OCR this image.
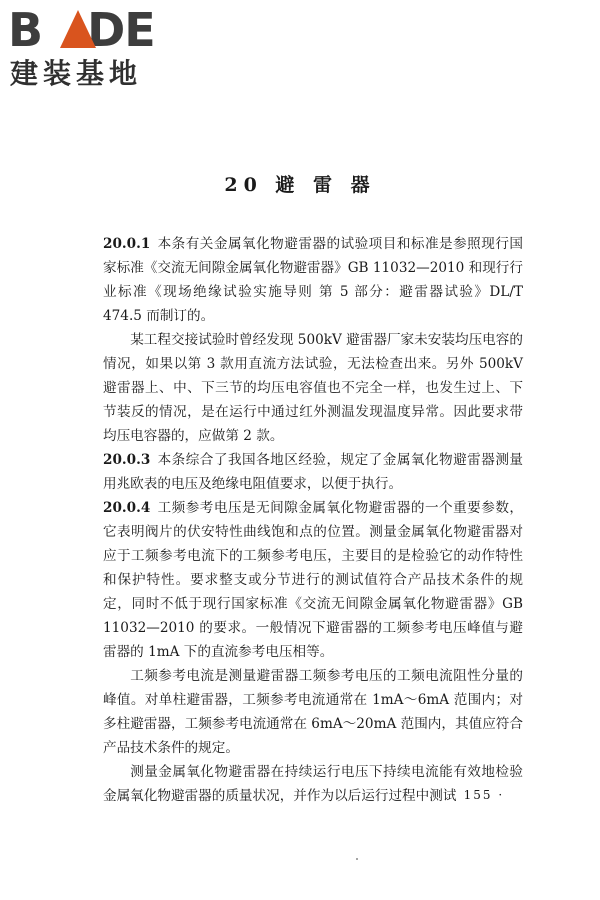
B   DE
建装基地
20 避 雷 器

20.0.1 本条有关金属氧化物避雷器的试验项目和标准是参照现行国家标准《交流无间隙金属氧化物避雷器》GB 11032—2010 和现行行业标准《现场绝缘试验实施导则 第 5 部分：避雷器试验》DL/T 474.5 而制订的。

某工程交接试验时曾经发现 500kV 避雷器厂家未安装均压电容的情况，如果以第 3 款用直流方法试验，无法检查出来。另外 500kV 避雷器上、中、下三节的均压电容值也不完全一样，也发生过上、下节装反的情况，是在运行中通过红外测温发现温度异常。因此要求带均压电容器的，应做第 2 款。

20.0.3 本条综合了我国各地区经验，规定了金属氧化物避雷器测量用兆欧表的电压及绝缘电阻值要求，以便于执行。

20.0.4 工频参考电压是无间隙金属氧化物避雷器的一个重要参数，它表明阀片的伏安特性曲线饱和点的位置。测量金属氧化物避雷器对应于工频参考电流下的工频参考电压，主要目的是检验它的动作特性和保护特性。要求整支或分节进行的测试值符合产品技术条件的规定，同时不低于现行国家标准《交流无间隙金属氧化物避雷器》GB 11032—2010 的要求。一般情况下避雷器的工频参考电压峰值与避雷器的 1mA 下的直流参考电压相等。

工频参考电流是测量避雷器工频参考电压的工频电流阻性分量的峰值。对单柱避雷器，工频参考电流通常在 1mA～6mA 范围内；对多柱避雷器，工频参考电流通常在 6mA～20mA 范围内，其值应符合产品技术条件的规定。

测量金属氧化物避雷器在持续运行电压下持续电流能有效地检验金属氧化物避雷器的质量状况，并作为以后运行过程中测试

· 155 ·
